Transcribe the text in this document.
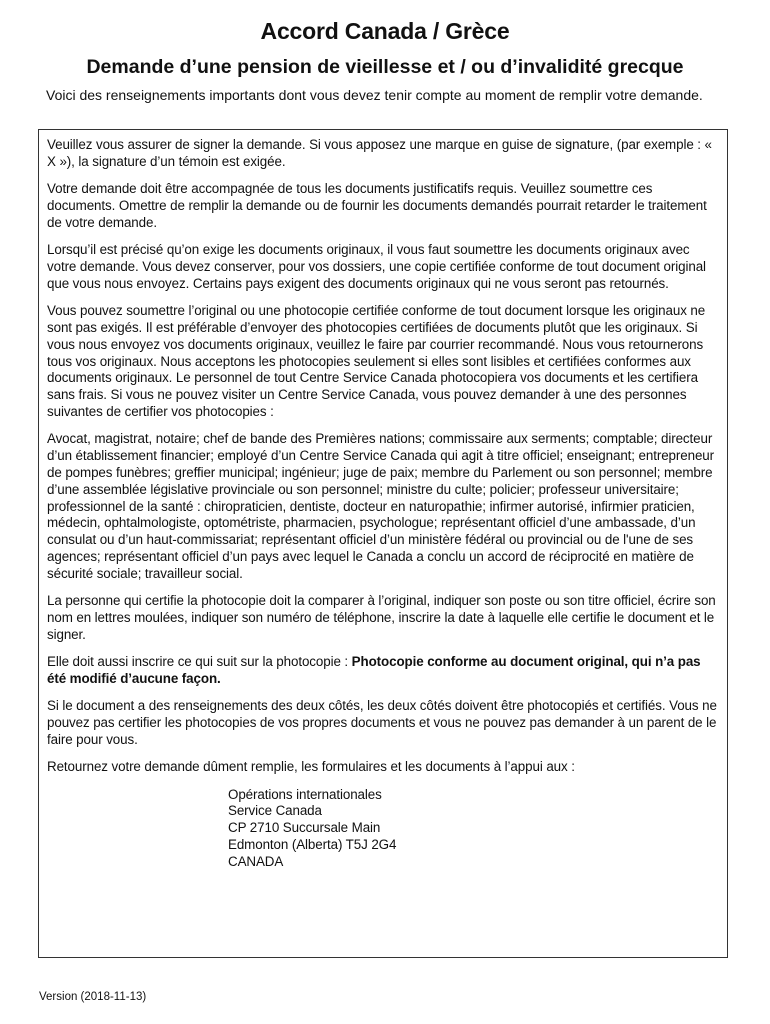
Accord Canada / Grèce
Demande d’une pension de vieillesse et / ou d’invalidité grecque

Voici des renseignements importants dont vous devez tenir compte au moment de remplir votre demande.

Veuillez vous assurer de signer la demande. Si vous apposez une marque en guise de signature, (par exemple : « X »), la signature d’un témoin est exigée.

Votre demande doit être accompagnée de tous les documents justificatifs requis. Veuillez soumettre ces documents. Omettre de remplir la demande ou de fournir les documents demandés pourrait retarder le traitement de votre demande.

Lorsqu’il est précisé qu’on exige les documents originaux, il vous faut soumettre les documents originaux avec votre demande. Vous devez conserver, pour vos dossiers, une copie certifiée conforme de tout document original que vous nous envoyez. Certains pays exigent des documents originaux qui ne vous seront pas retournés.

Vous pouvez soumettre l’original ou une photocopie certifiée conforme de tout document lorsque les originaux ne sont pas exigés. Il est préférable d’envoyer des photocopies certifiées de documents plutôt que les originaux. Si vous nous envoyez vos documents originaux, veuillez le faire par courrier recommandé. Nous vous retournerons tous vos originaux. Nous acceptons les photocopies seulement si elles sont lisibles et certifiées conformes aux documents originaux. Le personnel de tout Centre Service Canada photocopiera vos documents et les certifiera sans frais. Si vous ne pouvez visiter un Centre Service Canada, vous pouvez demander à une des personnes suivantes de certifier vos photocopies :

Avocat, magistrat, notaire; chef de bande des Premières nations; commissaire aux serments; comptable; directeur d’un établissement financier; employé d’un Centre Service Canada qui agit à titre officiel; enseignant; entrepreneur de pompes funèbres; greffier municipal; ingénieur; juge de paix; membre du Parlement ou son personnel; membre d’une assemblée législative provinciale ou son personnel; ministre du culte; policier; professeur universitaire; professionnel de la santé : chiropraticien, dentiste, docteur en naturopathie; infirmer autorisé, infirmier praticien, médecin, ophtalmologiste, optométriste, pharmacien, psychologue; représentant officiel d’une ambassade, d’un consulat ou d’un haut-commissariat; représentant officiel d’un ministère fédéral ou provincial ou de l'une de ses agences; représentant officiel d’un pays avec lequel le Canada a conclu un accord de réciprocité en matière de sécurité sociale; travailleur social.

La personne qui certifie la photocopie doit la comparer à l’original, indiquer son poste ou son titre officiel, écrire son nom en lettres moulées, indiquer son numéro de téléphone, inscrire la date à laquelle elle certifie le document et le signer.

Elle doit aussi inscrire ce qui suit sur la photocopie : Photocopie conforme au document original, qui n’a pas été modifié d’aucune façon.

Si le document a des renseignements des deux côtés, les deux côtés doivent être photocopiés et certifiés. Vous ne pouvez pas certifier les photocopies de vos propres documents et vous ne pouvez pas demander à un parent de le faire pour vous.

Retournez votre demande dûment remplie, les formulaires et les documents à l’appui aux :

Opérations internationales
Service Canada
CP 2710 Succursale Main
Edmonton (Alberta) T5J 2G4
CANADA

Version (2018-11-13)
